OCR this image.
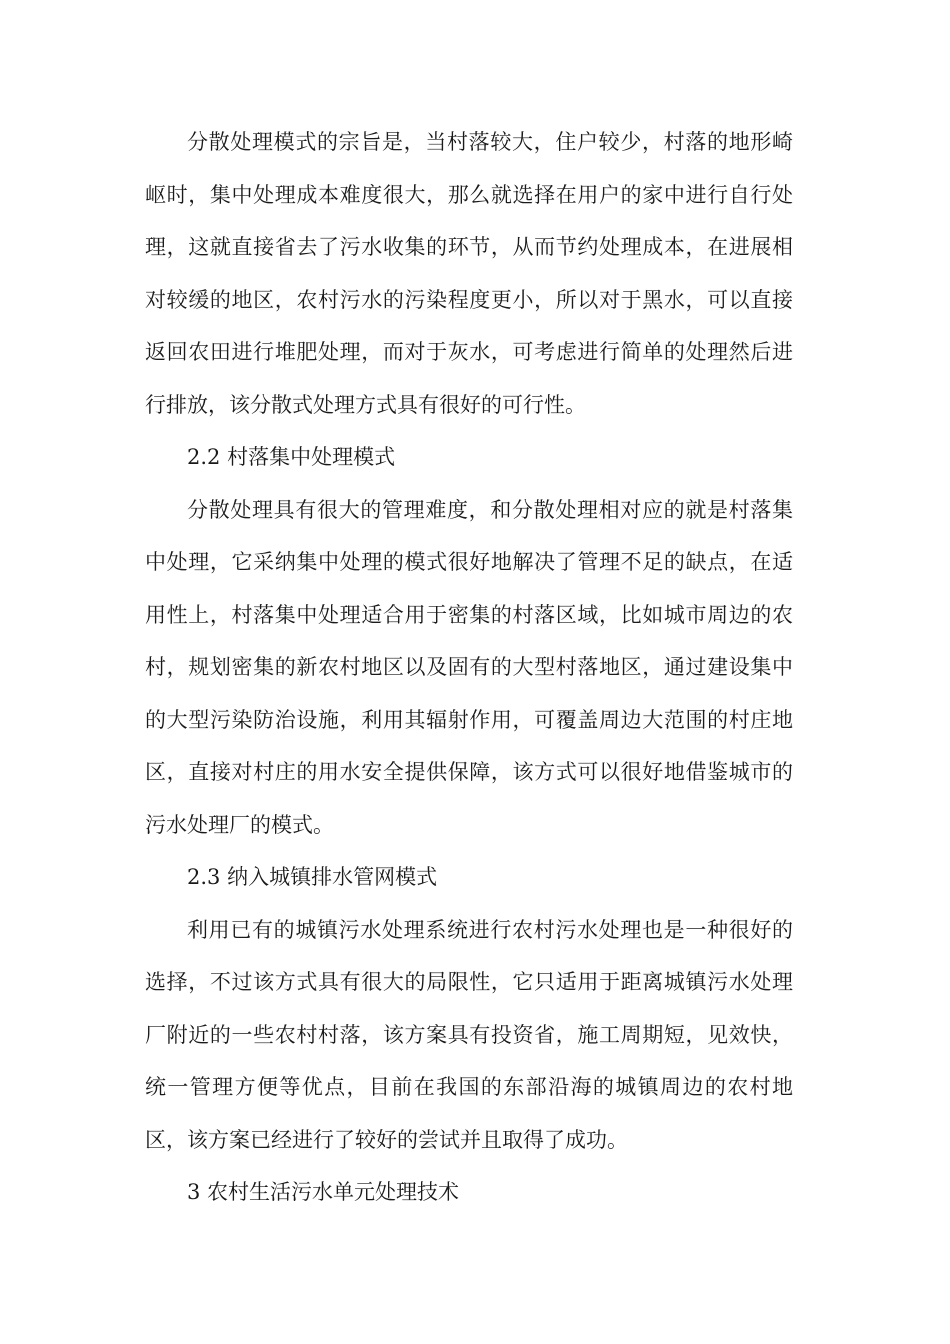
分散处理模式的宗旨是，当村落较大，住户较少，村落的地形崎岖时，集中处理成本难度很大，那么就选择在用户的家中进行自行处理，这就直接省去了污水收集的环节，从而节约处理成本，在进展相对较缓的地区，农村污水的污染程度更小，所以对于黑水，可以直接返回农田进行堆肥处理，而对于灰水，可考虑进行简单的处理然后进行排放，该分散式处理方式具有很好的可行性。

2.2 村落集中处理模式

分散处理具有很大的管理难度，和分散处理相对应的就是村落集中处理，它采纳集中处理的模式很好地解决了管理不足的缺点，在适用性上，村落集中处理适合用于密集的村落区域，比如城市周边的农村，规划密集的新农村地区以及固有的大型村落地区，通过建设集中的大型污染防治设施，利用其辐射作用，可覆盖周边大范围的村庄地区，直接对村庄的用水安全提供保障，该方式可以很好地借鉴城市的污水处理厂的模式。

2.3 纳入城镇排水管网模式

利用已有的城镇污水处理系统进行农村污水处理也是一种很好的选择，不过该方式具有很大的局限性，它只适用于距离城镇污水处理厂附近的一些农村村落，该方案具有投资省，施工周期短，见效快，统一管理方便等优点，目前在我国的东部沿海的城镇周边的农村地区，该方案已经进行了较好的尝试并且取得了成功。

3 农村生活污水单元处理技术
